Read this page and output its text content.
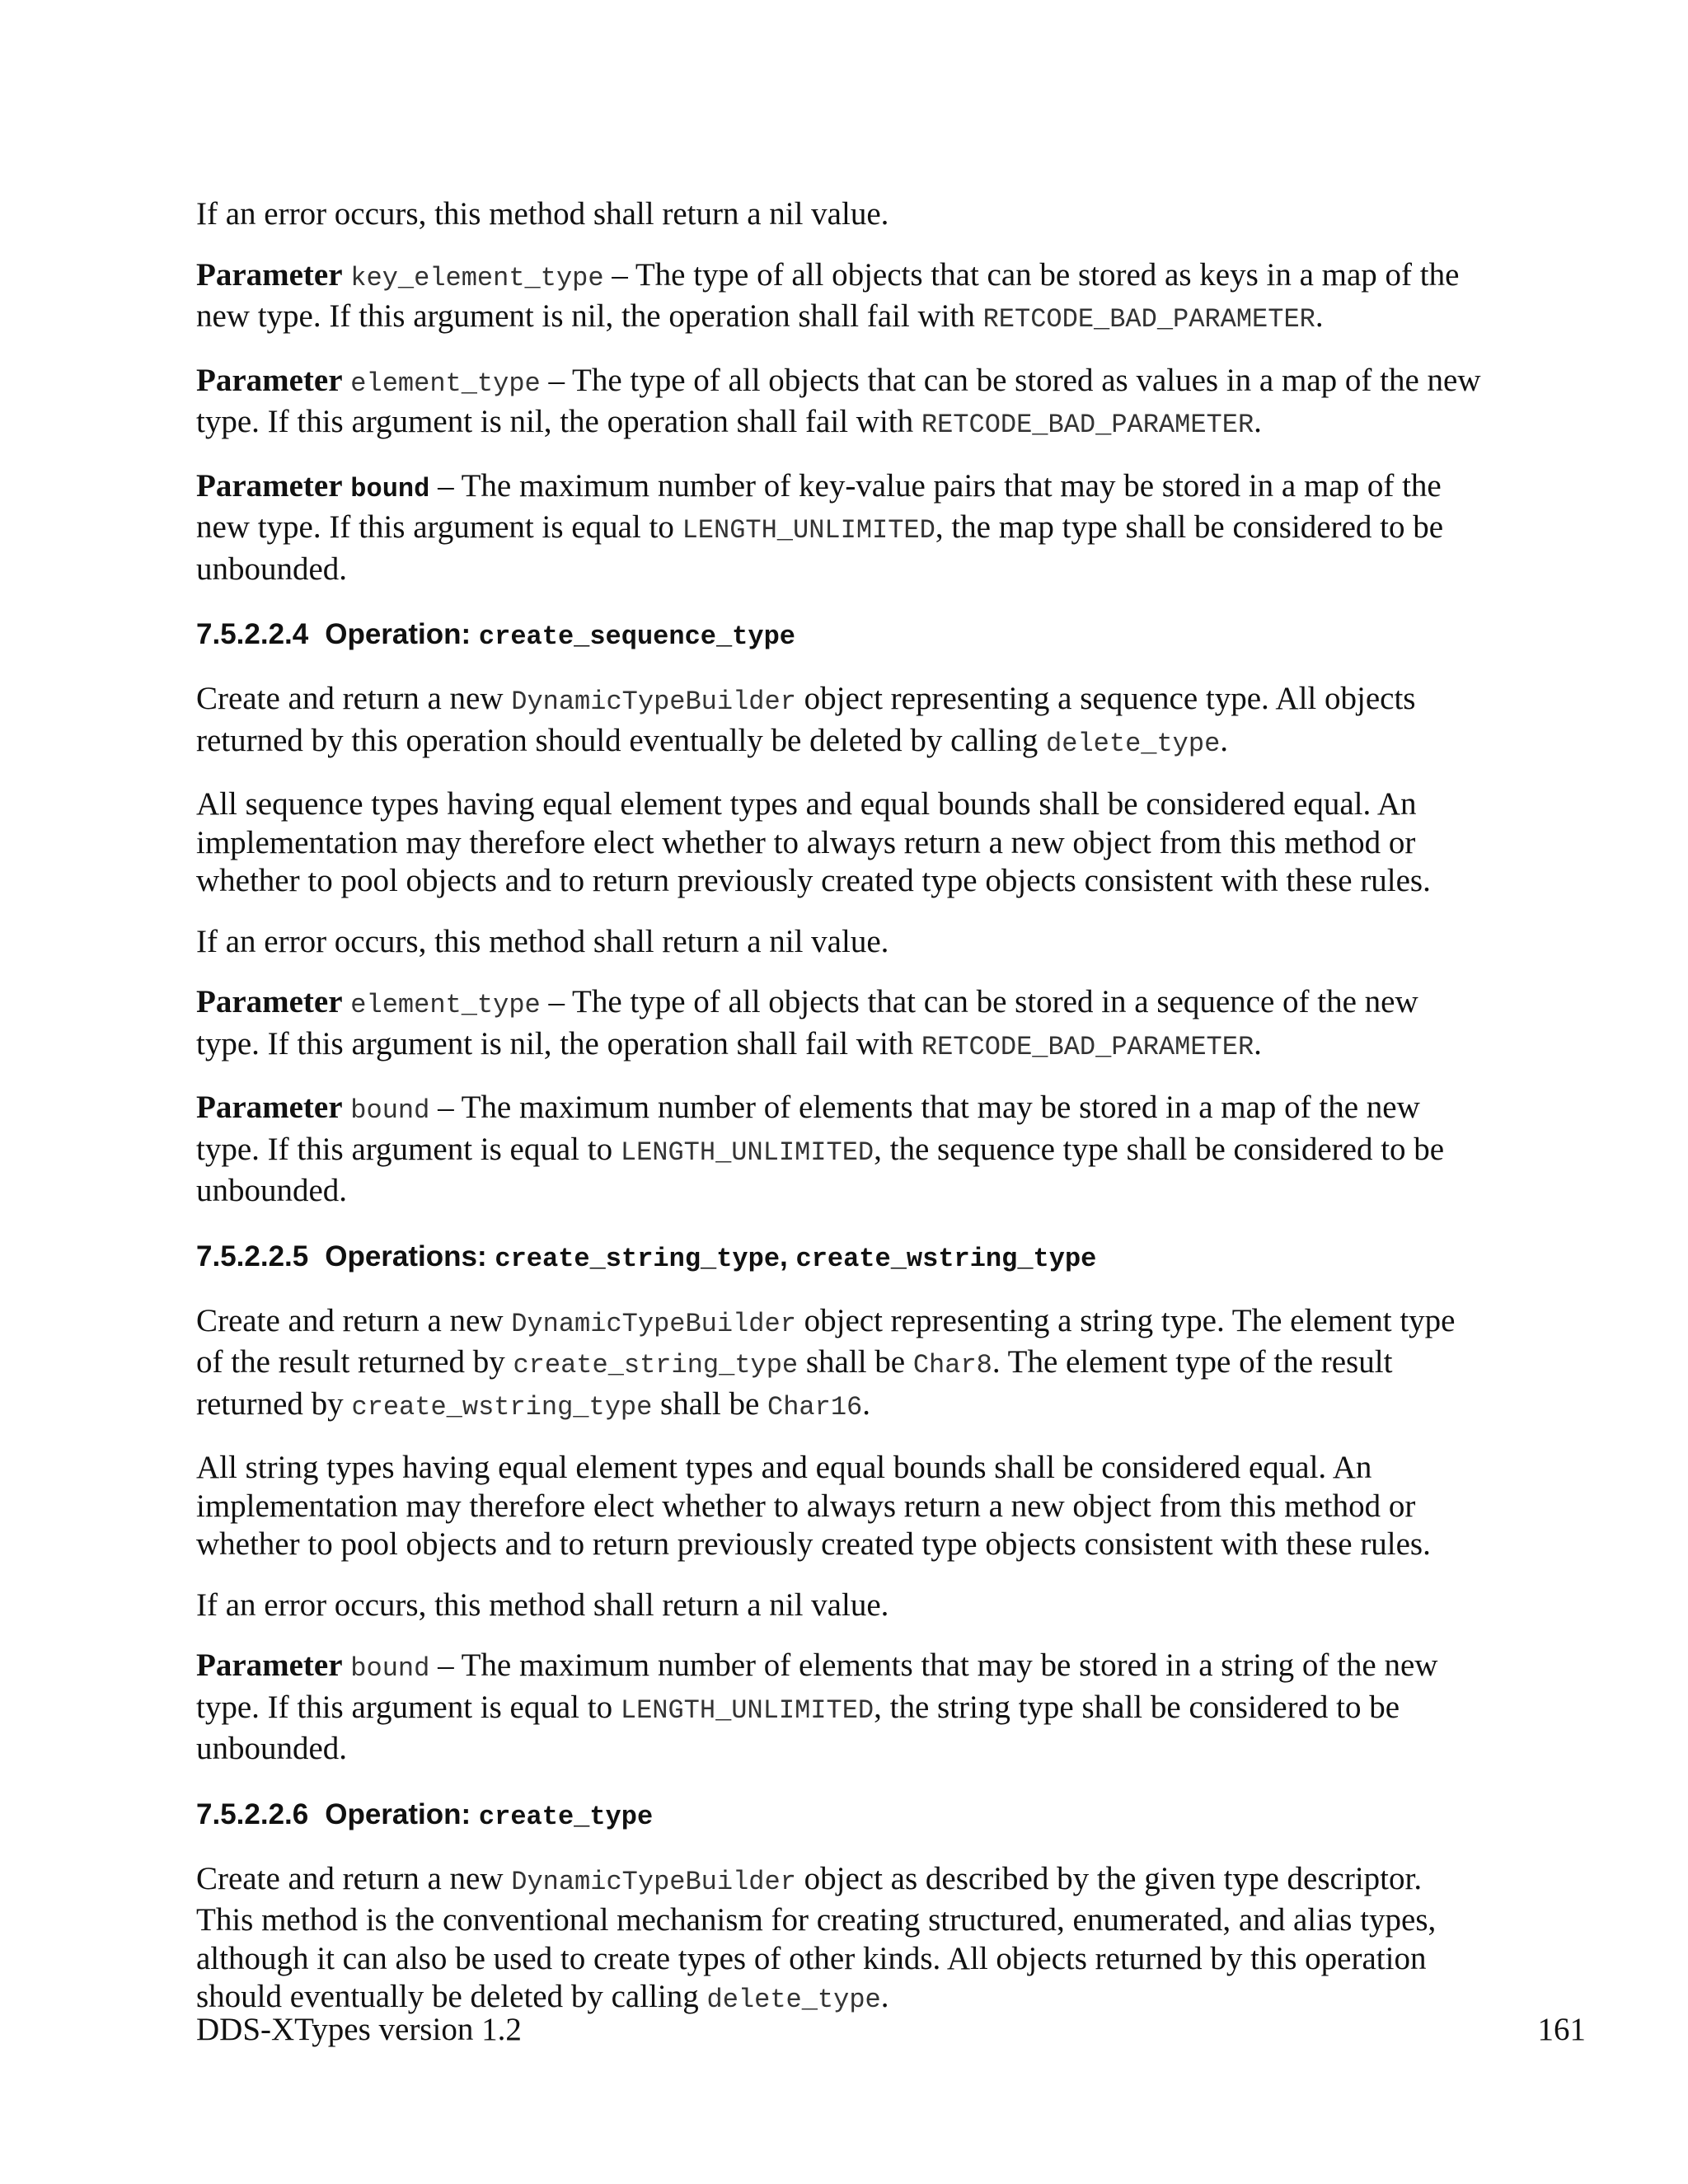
If an error occurs, this method shall return a nil value.

Parameter key_element_type – The type of all objects that can be stored as keys in a map of the new type. If this argument is nil, the operation shall fail with RETCODE_BAD_PARAMETER.

Parameter element_type – The type of all objects that can be stored as values in a map of the new type. If this argument is nil, the operation shall fail with RETCODE_BAD_PARAMETER.

Parameter bound – The maximum number of key-value pairs that may be stored in a map of the new type. If this argument is equal to LENGTH_UNLIMITED, the map type shall be considered to be unbounded.

7.5.2.2.4 Operation: create_sequence_type

Create and return a new DynamicTypeBuilder object representing a sequence type. All objects returned by this operation should eventually be deleted by calling delete_type.

All sequence types having equal element types and equal bounds shall be considered equal. An implementation may therefore elect whether to always return a new object from this method or whether to pool objects and to return previously created type objects consistent with these rules.

If an error occurs, this method shall return a nil value.

Parameter element_type – The type of all objects that can be stored in a sequence of the new type. If this argument is nil, the operation shall fail with RETCODE_BAD_PARAMETER.

Parameter bound – The maximum number of elements that may be stored in a map of the new type. If this argument is equal to LENGTH_UNLIMITED, the sequence type shall be considered to be unbounded.

7.5.2.2.5 Operations: create_string_type, create_wstring_type

Create and return a new DynamicTypeBuilder object representing a string type. The element type of the result returned by create_string_type shall be Char8. The element type of the result returned by create_wstring_type shall be Char16.

All string types having equal element types and equal bounds shall be considered equal. An implementation may therefore elect whether to always return a new object from this method or whether to pool objects and to return previously created type objects consistent with these rules.

If an error occurs, this method shall return a nil value.

Parameter bound – The maximum number of elements that may be stored in a string of the new type. If this argument is equal to LENGTH_UNLIMITED, the string type shall be considered to be unbounded.

7.5.2.2.6 Operation: create_type

Create and return a new DynamicTypeBuilder object as described by the given type descriptor. This method is the conventional mechanism for creating structured, enumerated, and alias types, although it can also be used to create types of other kinds. All objects returned by this operation should eventually be deleted by calling delete_type.

DDS-XTypes version 1.2	161
